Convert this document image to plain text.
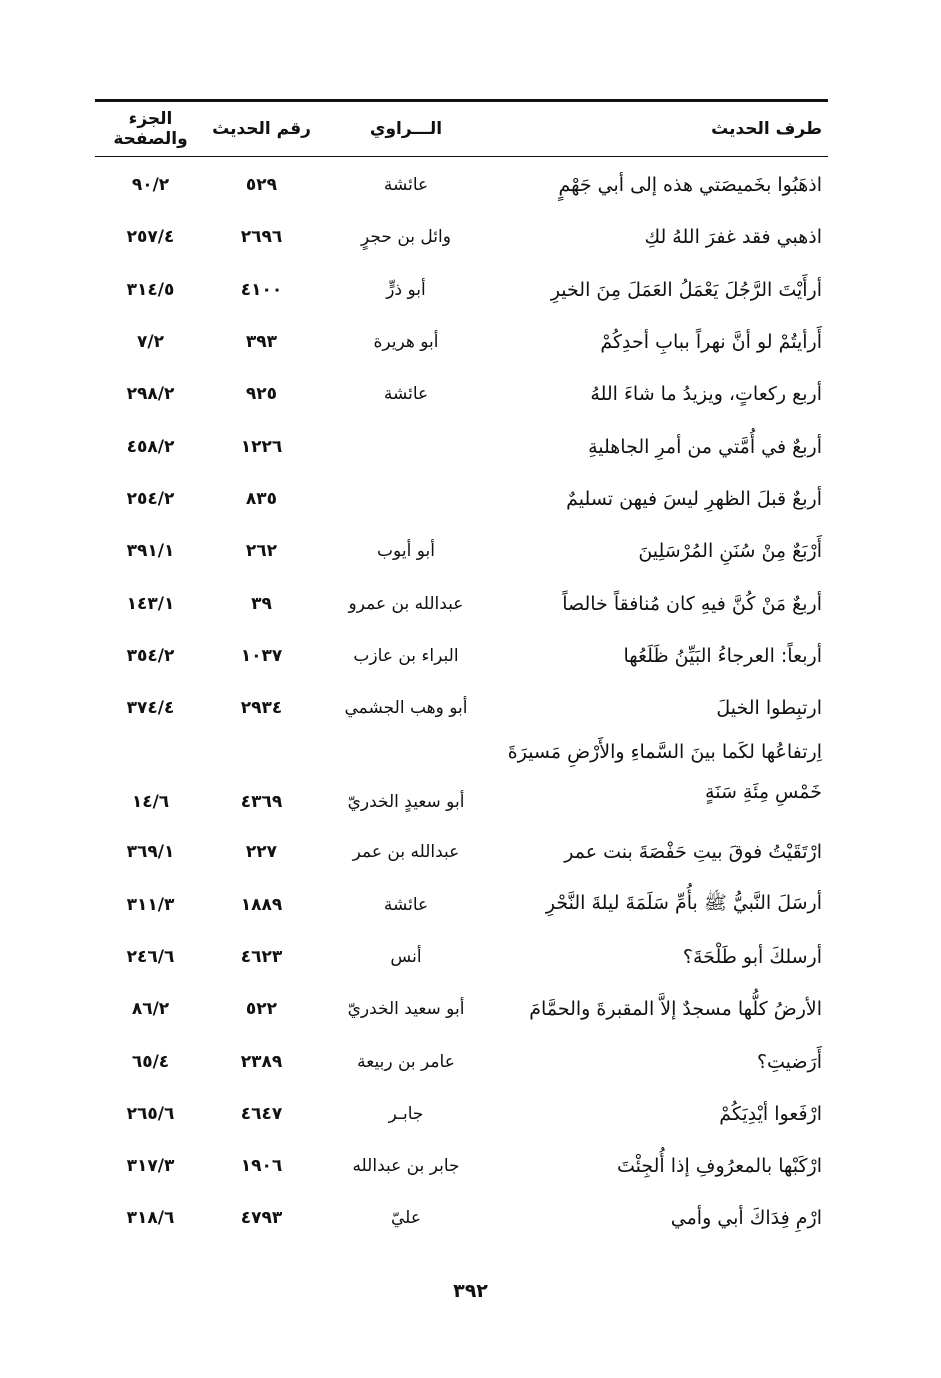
طرف الحديث
الـــراوي
رقم الحديث
الجزء والصفحة
اذهَبُوا بخَميصَتي هذه إلى أبي جَهْمٍ
عائشة
٥٢٩
٩٠/٢
اذهبي فقد غفرَ اللهُ لكِ
وائل بن حجرٍ
٢٦٩٦
٢٥٧/٤
أرأَيْتَ الرَّجُلَ يَعْمَلُ العَمَلَ مِنَ الخيرِ
أبو ذرٍّ
٤١٠٠
٣١٤/٥
أَرأيتُمْ لو أنَّ نهراً ببابِ أحدِكُمْ
أبو هريرة
٣٩٣
٧/٢
أربع ركعاتٍ، ويزيدُ ما شاءَ اللهُ
عائشة
٩٢٥
٢٩٨/٢
أربعٌ في أُمَّتي من أمرِ الجاهليةِ
١٢٢٦
٤٥٨/٢
أربعٌ قبلَ الظهرِ ليسَ فيهن تسليمٌ
٨٣٥
٢٥٤/٢
أَرْبَعٌ مِنْ سُنَنِ المُرْسَلِينَ
أبو أيوب
٢٦٢
٣٩١/١
أربعٌ مَنْ كُنَّ فيهِ كان مُنافقاً خالصاً
عبدالله بن عمرو
٣٩
١٤٣/١
أربعاً: العرجاءُ البَيِّنُ ظَلَعُها
البراء بن عازب
١٠٣٧
٣٥٤/٢
ارتبِطوا الخيلَ
أبو وهب الجشمي
٢٩٣٤
٣٧٤/٤
اِرتفاعُها لكَما بينَ السَّماءِ والأَرْضِ مَسيرَةَ
خَمْسِ مِئَةِ سَنَةٍ
أبو سعيدٍ الخدريّ
٤٣٦٩
١٤/٦
ارْتَقَيْتُ فوقَ بيتِ حَفْصَةَ بنت عمر
عبدالله بن عمر
٢٢٧
٣٦٩/١
أرسَلَ النَّبيُّ ﷺ بأُمِّ سَلَمَةَ ليلةَ النَّحْرِ
عائشة
١٨٨٩
٣١١/٣
أرسلكَ أبو طَلْحَةَ؟
أنس
٤٦٢٣
٢٤٦/٦
الأرضُ كلُّها مسجدٌ إلاَّ المقبرةَ والحمَّامَ
أبو سعيد الخدريّ
٥٢٢
٨٦/٢
أَرَضيتِ؟
عامر بن ربيعة
٢٣٨٩
٦٥/٤
ارْفَعوا أيْدِيَكُمْ
جابـر
٤٦٤٧
٢٦٥/٦
ارْكَبْها بالمعرُوفِ إذا أُلجِئْتَ
جابر بن عبدالله
١٩٠٦
٣١٧/٣
ارْمِ فِدَاكَ أبي وأمي
عليّ
٤٧٩٣
٣١٨/٦
٣٩٢
